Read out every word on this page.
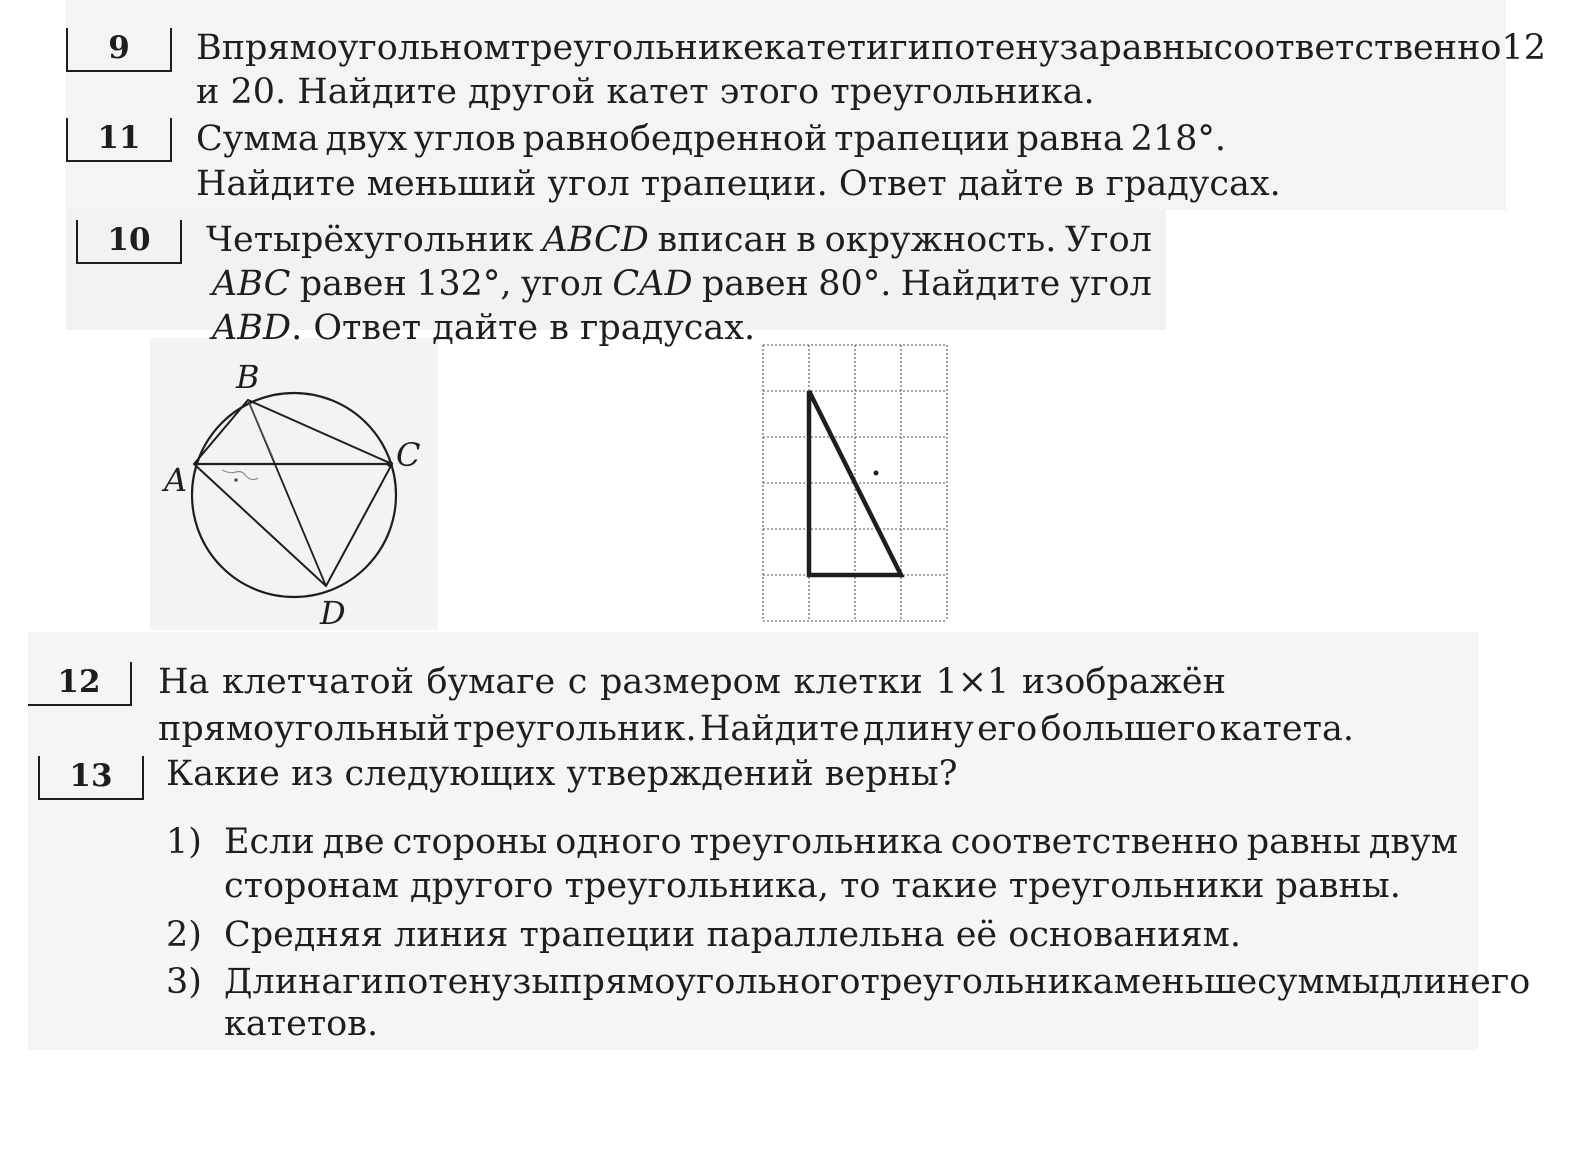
9	В прямоугольном треугольнике катет и гипотенуза равны соответственно 12
и 20. Найдите другой катет этого треугольника.
11	Сумма двух углов равнобедренной трапеции равна 218°.
Найдите меньший угол трапеции. Ответ дайте в градусах.
10	Четырёхугольник ABCD вписан в окружность. Угол
ABC равен 132°, угол CAD равен 80°. Найдите угол
ABD. Ответ дайте в градусах.
B
A
C
D
12	На клетчатой бумаге с размером клетки 1×1 изображён
прямоугольный треугольник. Найдите длину его большего катета.
13	Какие из следующих утверждений верны?
1) Если две стороны одного треугольника соответственно равны двум
сторонам другого треугольника, то такие треугольники равны.
2) Средняя линия трапеции параллельна её основаниям.
3) Длина гипотенузы прямоугольного треугольника меньше суммы длин его
катетов.
